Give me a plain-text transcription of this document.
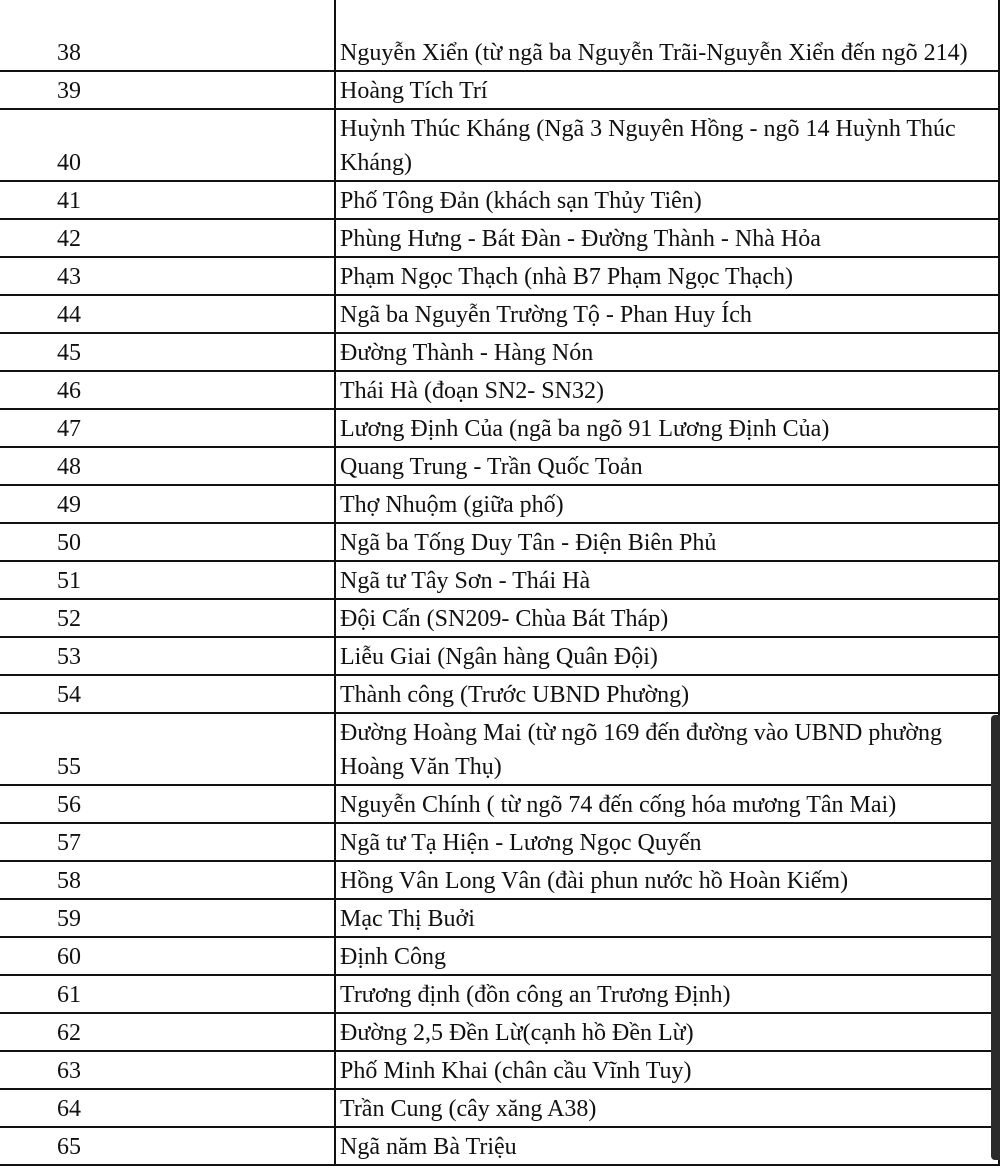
38	Nguyễn Xiển (từ ngã ba Nguyễn Trãi-Nguyễn Xiển đến ngõ 214)
39	Hoàng Tích Trí
40	Huỳnh Thúc Kháng (Ngã 3 Nguyên Hồng - ngõ 14 Huỳnh Thúc Kháng)
41	Phố Tông Đản (khách sạn Thủy Tiên)
42	Phùng Hưng - Bát Đàn - Đường Thành - Nhà Hỏa
43	Phạm Ngọc Thạch (nhà B7 Phạm Ngọc Thạch)
44	Ngã ba Nguyễn Trường Tộ - Phan Huy Ích
45	Đường Thành - Hàng Nón
46	Thái Hà (đoạn SN2- SN32)
47	Lương Định Của (ngã ba ngõ 91 Lương Định Của)
48	Quang Trung - Trần Quốc Toản
49	Thợ Nhuộm (giữa phố)
50	Ngã ba Tống Duy Tân - Điện Biên Phủ
51	Ngã tư Tây Sơn - Thái Hà
52	Đội Cấn (SN209- Chùa Bát Tháp)
53	Liễu Giai (Ngân hàng Quân Đội)
54	Thành công (Trước UBND Phường)
55	Đường Hoàng Mai (từ ngõ 169 đến đường vào UBND phường Hoàng Văn Thụ)
56	Nguyễn Chính ( từ ngõ 74 đến cống hóa mương Tân Mai)
57	Ngã tư Tạ Hiện - Lương Ngọc Quyến
58	Hồng Vân Long Vân (đài phun nước hồ Hoàn Kiếm)
59	Mạc Thị Buởi
60	Định Công
61	Trương định (đồn công an Trương Định)
62	Đường 2,5 Đền Lừ(cạnh hồ Đền Lừ)
63	Phố Minh Khai (chân cầu Vĩnh Tuy)
64	Trần Cung (cây xăng A38)
65	Ngã năm Bà Triệu
